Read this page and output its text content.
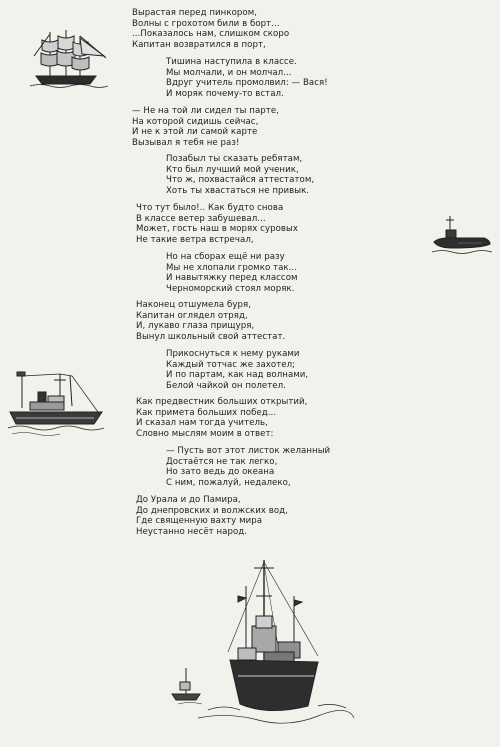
Вырастая перед пинкором,
Волны с грохотом били в борт...
...Показалось нам, слишком скоро
Капитан возвратился в порт,
Тишина наступила в классе.
Мы молчали, и он молчал...
Вдруг учитель промолвил: — Вася!
И моряк почему-то встал.
— Не на той ли сидел ты парте,
На которой сидишь сейчас,
И не к этой ли самой карте
Вызывал я тебя не раз!
Позабыл ты сказать ребятам,
Кто был лучший мой ученик,
Что ж, похвастайся аттестатом,
Хоть ты хвастаться не привык.
Что тут было!.. Как будто снова
В классе ветер забушевал...
Может, гость наш в морях суровых
Не такие ветра встречал,
Но на сборах ещё ни разу
Мы не хлопали громко так...
И навытяжку перед классом
Черноморский стоял моряк.
Наконец отшумела буря,
Капитан оглядел отряд,
И, лукаво глаза прищуря,
Вынул школьный свой аттестат.
Прикоснуться к нему руками
Каждый тотчас же захотел;
И по партам, как над волнами,
Белой чайкой он полетел.
Как предвестник больших открытий,
Как примета больших побед...
И сказал нам тогда учитель,
Словно мыслям моим в ответ:
— Пусть вот этот листок желанный
Достаётся не так легко,
Но зато ведь до океана
С ним, пожалуй, недалеко,
До Урала и до Памира,
До днепровских и волжских вод,
Где священную вахту мира
Неустанно несёт народ.
